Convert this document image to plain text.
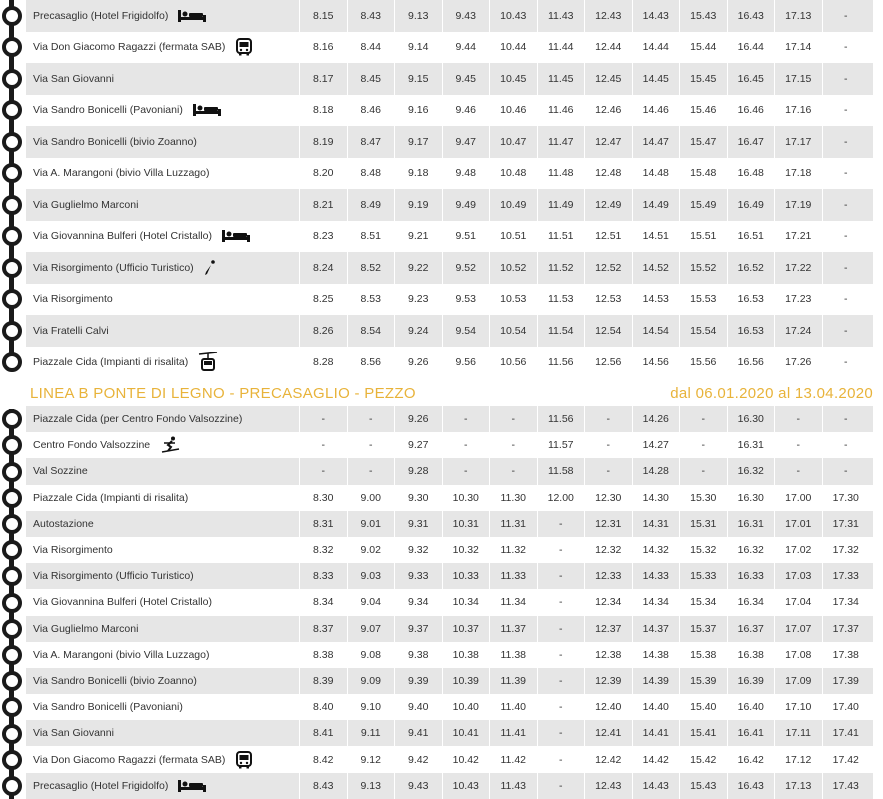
Precasaglio (Hotel Frigidolfo)	8.15	8.43	9.13	9.43	10.43	11.43	12.43	14.43	15.43	16.43	17.13	-
Via Don Giacomo Ragazzi (fermata SAB)	8.16	8.44	9.14	9.44	10.44	11.44	12.44	14.44	15.44	16.44	17.14	-
Via San Giovanni	8.17	8.45	9.15	9.45	10.45	11.45	12.45	14.45	15.45	16.45	17.15	-
Via Sandro Bonicelli (Pavoniani)	8.18	8.46	9.16	9.46	10.46	11.46	12.46	14.46	15.46	16.46	17.16	-
Via Sandro Bonicelli (bivio Zoanno)	8.19	8.47	9.17	9.47	10.47	11.47	12.47	14.47	15.47	16.47	17.17	-
Via A. Marangoni (bivio Villa Luzzago)	8.20	8.48	9.18	9.48	10.48	11.48	12.48	14.48	15.48	16.48	17.18	-
Via Guglielmo Marconi	8.21	8.49	9.19	9.49	10.49	11.49	12.49	14.49	15.49	16.49	17.19	-
Via Giovannina Bulferi (Hotel Cristallo)	8.23	8.51	9.21	9.51	10.51	11.51	12.51	14.51	15.51	16.51	17.21	-
Via Risorgimento (Ufficio Turistico)	8.24	8.52	9.22	9.52	10.52	11.52	12.52	14.52	15.52	16.52	17.22	-
Via Risorgimento	8.25	8.53	9.23	9.53	10.53	11.53	12.53	14.53	15.53	16.53	17.23	-
Via Fratelli Calvi	8.26	8.54	9.24	9.54	10.54	11.54	12.54	14.54	15.54	16.53	17.24	-
Piazzale Cida (Impianti di risalita)	8.28	8.56	9.26	9.56	10.56	11.56	12.56	14.56	15.56	16.56	17.26	-
LINEA B PONTE DI LEGNO - PRECASAGLIO - PEZZO	dal 06.01.2020 al 13.04.2020
Piazzale Cida (per Centro Fondo Valsozzine)	-	-	9.26	-	-	11.56	-	14.26	-	16.30	-	-
Centro Fondo Valsozzine	-	-	9.27	-	-	11.57	-	14.27	-	16.31	-	-
Val Sozzine	-	-	9.28	-	-	11.58	-	14.28	-	16.32	-	-
Piazzale Cida (Impianti di risalita)	8.30	9.00	9.30	10.30	11.30	12.00	12.30	14.30	15.30	16.30	17.00	17.30
Autostazione	8.31	9.01	9.31	10.31	11.31	-	12.31	14.31	15.31	16.31	17.01	17.31
Via Risorgimento	8.32	9.02	9.32	10.32	11.32	-	12.32	14.32	15.32	16.32	17.02	17.32
Via Risorgimento (Ufficio Turistico)	8.33	9.03	9.33	10.33	11.33	-	12.33	14.33	15.33	16.33	17.03	17.33
Via Giovannina Bulferi (Hotel Cristallo)	8.34	9.04	9.34	10.34	11.34	-	12.34	14.34	15.34	16.34	17.04	17.34
Via Guglielmo Marconi	8.37	9.07	9.37	10.37	11.37	-	12.37	14.37	15.37	16.37	17.07	17.37
Via A. Marangoni (bivio Villa Luzzago)	8.38	9.08	9.38	10.38	11.38	-	12.38	14.38	15.38	16.38	17.08	17.38
Via Sandro Bonicelli (bivio Zoanno)	8.39	9.09	9.39	10.39	11.39	-	12.39	14.39	15.39	16.39	17.09	17.39
Via Sandro Bonicelli (Pavoniani)	8.40	9.10	9.40	10.40	11.40	-	12.40	14.40	15.40	16.40	17.10	17.40
Via San Giovanni	8.41	9.11	9.41	10.41	11.41	-	12.41	14.41	15.41	16.41	17.11	17.41
Via Don Giacomo Ragazzi (fermata SAB)	8.42	9.12	9.42	10.42	11.42	-	12.42	14.42	15.42	16.42	17.12	17.42
Precasaglio (Hotel Frigidolfo)	8.43	9.13	9.43	10.43	11.43	-	12.43	14.43	15.43	16.43	17.13	17.43
